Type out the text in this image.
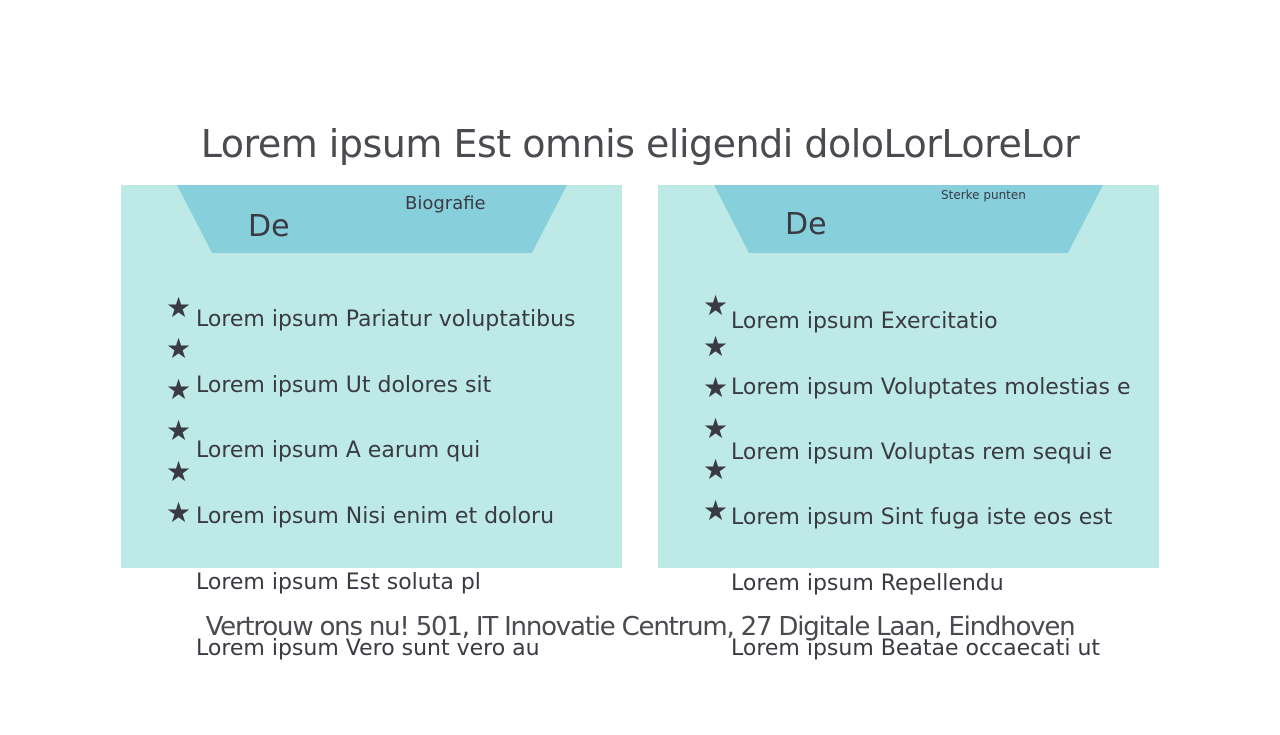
Lorem ipsum Est omnis eligendi doloLorLoreLor
De
Biografie
★
★
★
★
★
★
Lorem ipsum Pariatur voluptatibus
Lorem ipsum Ut dolores sit
Lorem ipsum A earum qui
Lorem ipsum Nisi enim et doloru
Lorem ipsum Est soluta pl
Lorem ipsum Vero sunt vero au
De
Sterke punten
★
★
★
★
★
★
Lorem ipsum Exercitatio
Lorem ipsum Voluptates molestias e
Lorem ipsum Voluptas rem sequi e
Lorem ipsum Sint fuga iste eos est
Lorem ipsum Repellendu
Lorem ipsum Beatae occaecati ut
Vertrouw ons nu! 501, IT Innovatie Centrum, 27 Digitale Laan, Eindhoven
